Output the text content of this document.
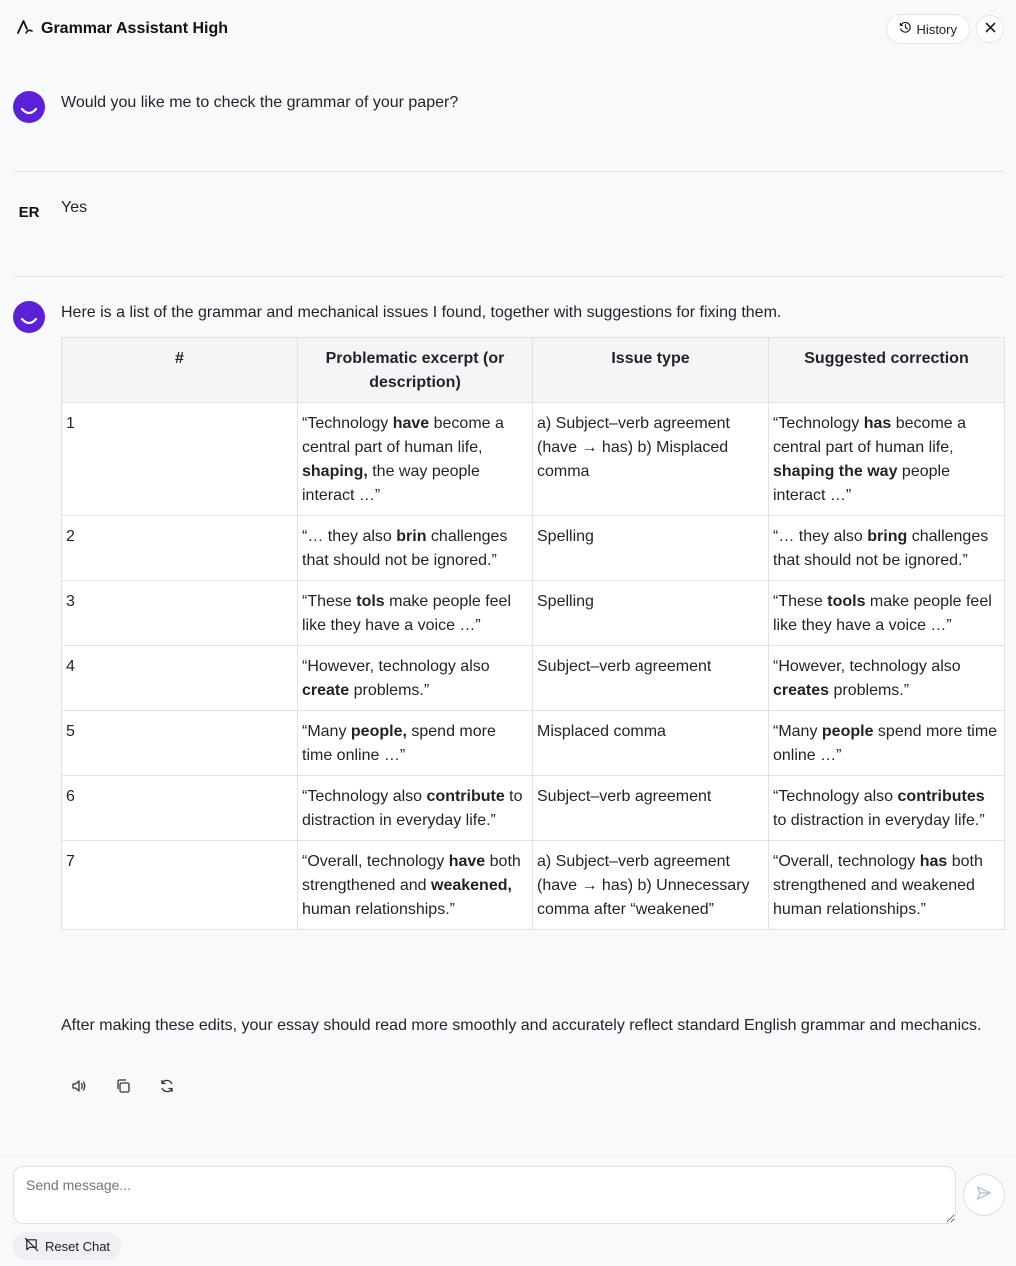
Grammar Assistant High	History
Would you like me to check the grammar of your paper?
ER	Yes
Here is a list of the grammar and mechanical issues I found, together with suggestions for fixing them.
#	Problematic excerpt (or description)	Issue type	Suggested correction
1	“Technology have become a central part of human life, shaping, the way people interact …”	a) Subject–verb agreement (have → has) b) Misplaced comma	“Technology has become a central part of human life, shaping the way people interact …”
2	“… they also brin challenges that should not be ignored.”	Spelling	“… they also bring challenges that should not be ignored.”
3	“These tols make people feel like they have a voice …”	Spelling	“These tools make people feel like they have a voice …”
4	“However, technology also create problems.”	Subject–verb agreement	“However, technology also creates problems.”
5	“Many people, spend more time online …”	Misplaced comma	“Many people spend more time online …”
6	“Technology also contribute to distraction in everyday life.”	Subject–verb agreement	“Technology also contributes to distraction in everyday life.”
7	“Overall, technology have both strengthened and weakened, human relationships.”	a) Subject–verb agreement (have → has) b) Unnecessary comma after “weakened”	“Overall, technology has both strengthened and weakened human relationships.”
After making these edits, your essay should read more smoothly and accurately reflect standard English grammar and mechanics.
Send message...
Reset Chat
